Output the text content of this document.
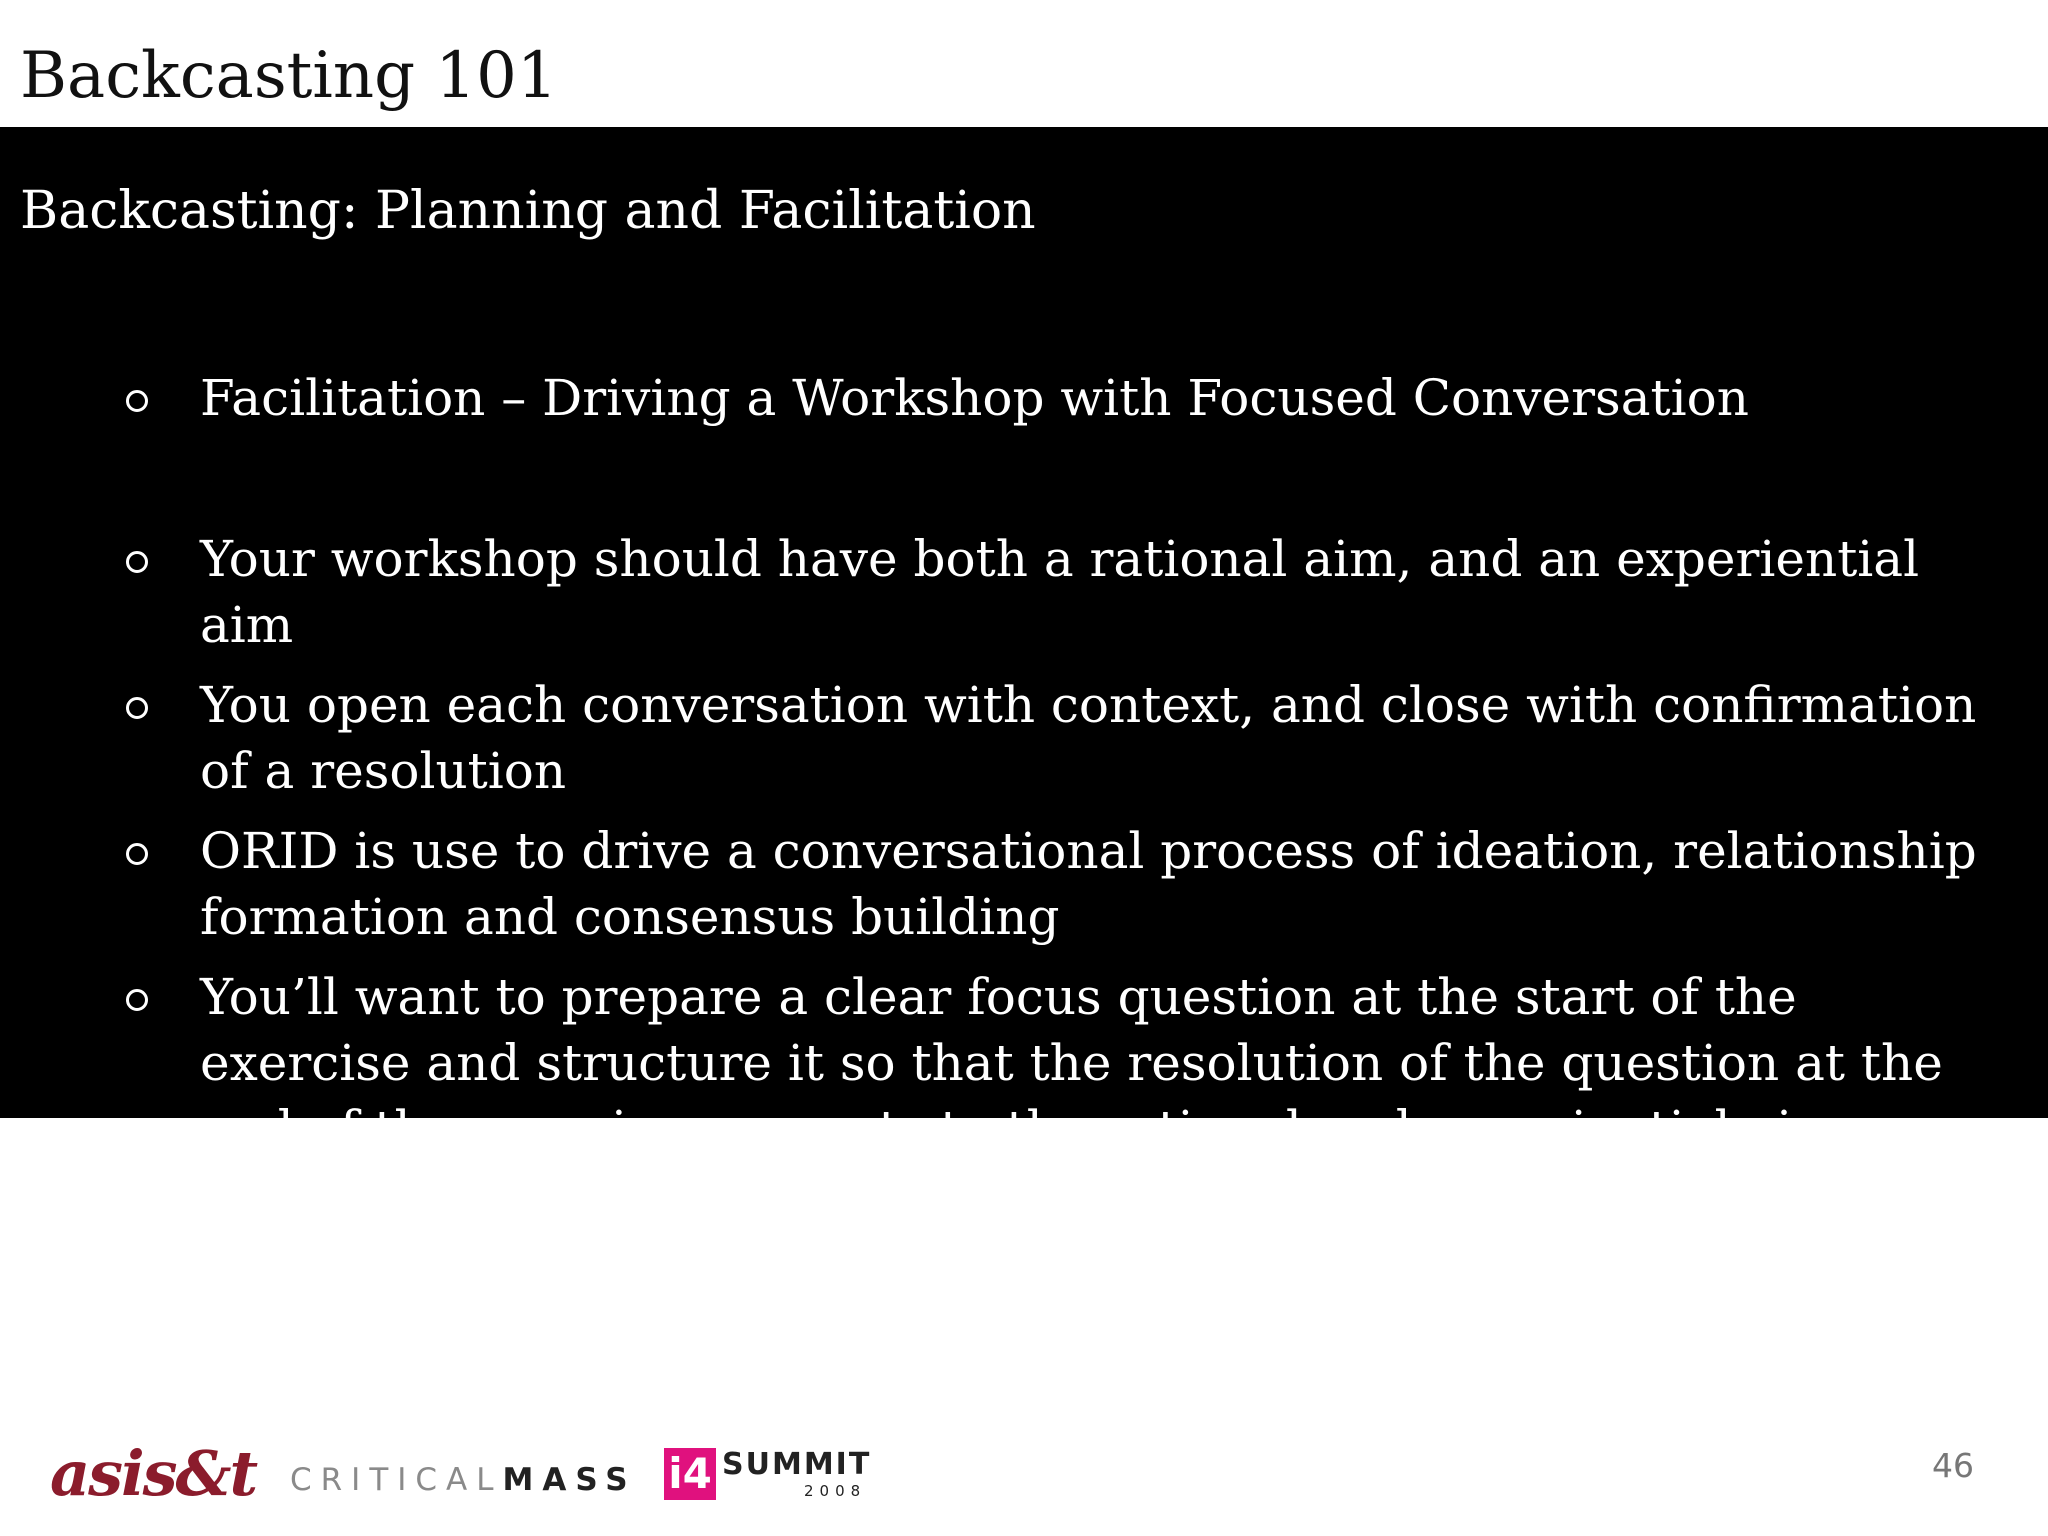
Backcasting 101
Backcasting: Planning and Facilitation
Facilitation – Driving a Workshop with Focused Conversation
Your workshop should have both a rational aim, and an experiential aim
You open each conversation with context, and close with confirmation of a resolution
ORID is use to drive a conversational process of ideation, relationship formation and consensus building
You’ll want to prepare a clear focus question at the start of the exercise and structure it so that the resolution of the question at the end of the exercise connects to the rational and experiential aims
asis&t CRITICALMASS i4 SUMMIT
2008
46
